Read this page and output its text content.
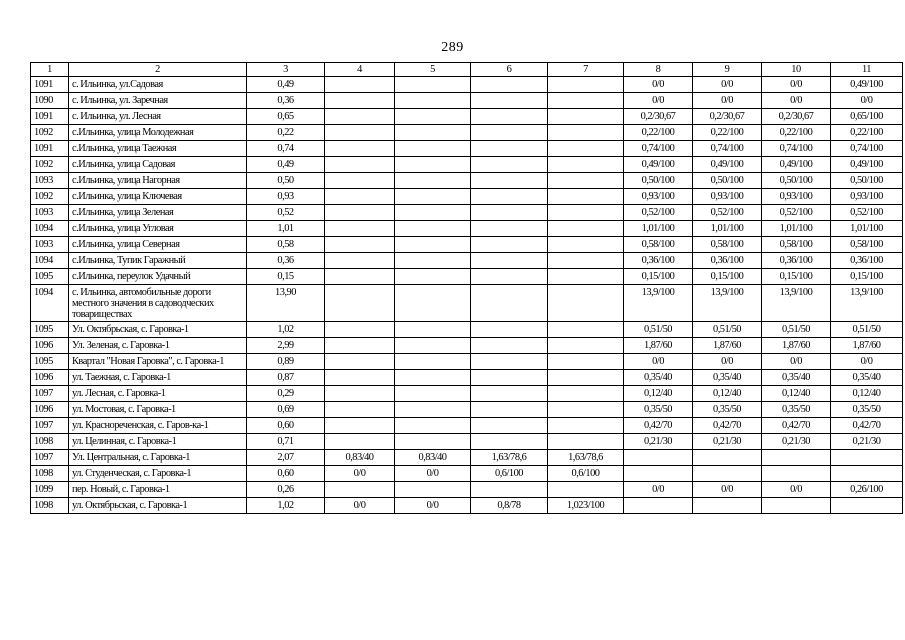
289
1	2	3	4	5	6	7	8	9	10	11
1091	с. Ильинка, ул.Садовая	0,49					0/0	0/0	0/0	0,49/100
1090	с. Ильинка, ул. Заречная	0,36					0/0	0/0	0/0	0/0
1091	с. Ильинка, ул. Лесная	0,65					0,2/30,67	0,2/30,67	0,2/30,67	0,65/100
1092	с.Ильинка, улица Молодежная	0,22					0,22/100	0,22/100	0,22/100	0,22/100
1091	с.Ильинка, улица Таежная	0,74					0,74/100	0,74/100	0,74/100	0,74/100
1092	с.Ильинка, улица Садовая	0,49					0,49/100	0,49/100	0,49/100	0,49/100
1093	с.Ильинка, улица Нагорная	0,50					0,50/100	0,50/100	0,50/100	0,50/100
1092	с.Ильинка, улица Ключевая	0,93					0,93/100	0,93/100	0,93/100	0,93/100
1093	с.Ильинка, улица Зеленая	0,52					0,52/100	0,52/100	0,52/100	0,52/100
1094	с.Ильинка, улица Угловая	1,01					1,01/100	1,01/100	1,01/100	1,01/100
1093	с.Ильинка, улица Северная	0,58					0,58/100	0,58/100	0,58/100	0,58/100
1094	с.Ильинка, Тупик Гаражный	0,36					0,36/100	0,36/100	0,36/100	0,36/100
1095	с.Ильинка, переулок Удачный	0,15					0,15/100	0,15/100	0,15/100	0,15/100
1094	с. Ильинка, автомобильные дороги местного значения в садоводческих товариществах	13,90					13,9/100	13,9/100	13,9/100	13,9/100
1095	Ул. Октябрьская, с. Гаровка-1	1,02					0,51/50	0,51/50	0,51/50	0,51/50
1096	Ул. Зеленая, с. Гаровка-1	2,99					1,87/60	1,87/60	1,87/60	1,87/60
1095	Квартал "Новая Гаровка", с. Гаровка-1	0,89					0/0	0/0	0/0	0/0
1096	ул. Таежная, с. Гаровка-1	0,87					0,35/40	0,35/40	0,35/40	0,35/40
1097	ул. Лесная, с. Гаровка-1	0,29					0,12/40	0,12/40	0,12/40	0,12/40
1096	ул. Мостовая, с. Гаровка-1	0,69					0,35/50	0,35/50	0,35/50	0,35/50
1097	ул. Краснореченская, с. Гаров-ка-1	0,60					0,42/70	0,42/70	0,42/70	0,42/70
1098	ул. Целинная, с. Гаровка-1	0,71					0,21/30	0,21/30	0,21/30	0,21/30
1097	Ул. Центральная, с. Гаровка-1	2,07	0,83/40	0,83/40	1,63/78,6	1,63/78,6				
1098	ул. Студенческая, с. Гаровка-1	0,60	0/0	0/0	0,6/100	0,6/100				
1099	пер. Новый, с. Гаровка-1	0,26					0/0	0/0	0/0	0,26/100
1098	ул. Октябрьская, с. Гаровка-1	1,02	0/0	0/0	0,8/78	1,023/100				
